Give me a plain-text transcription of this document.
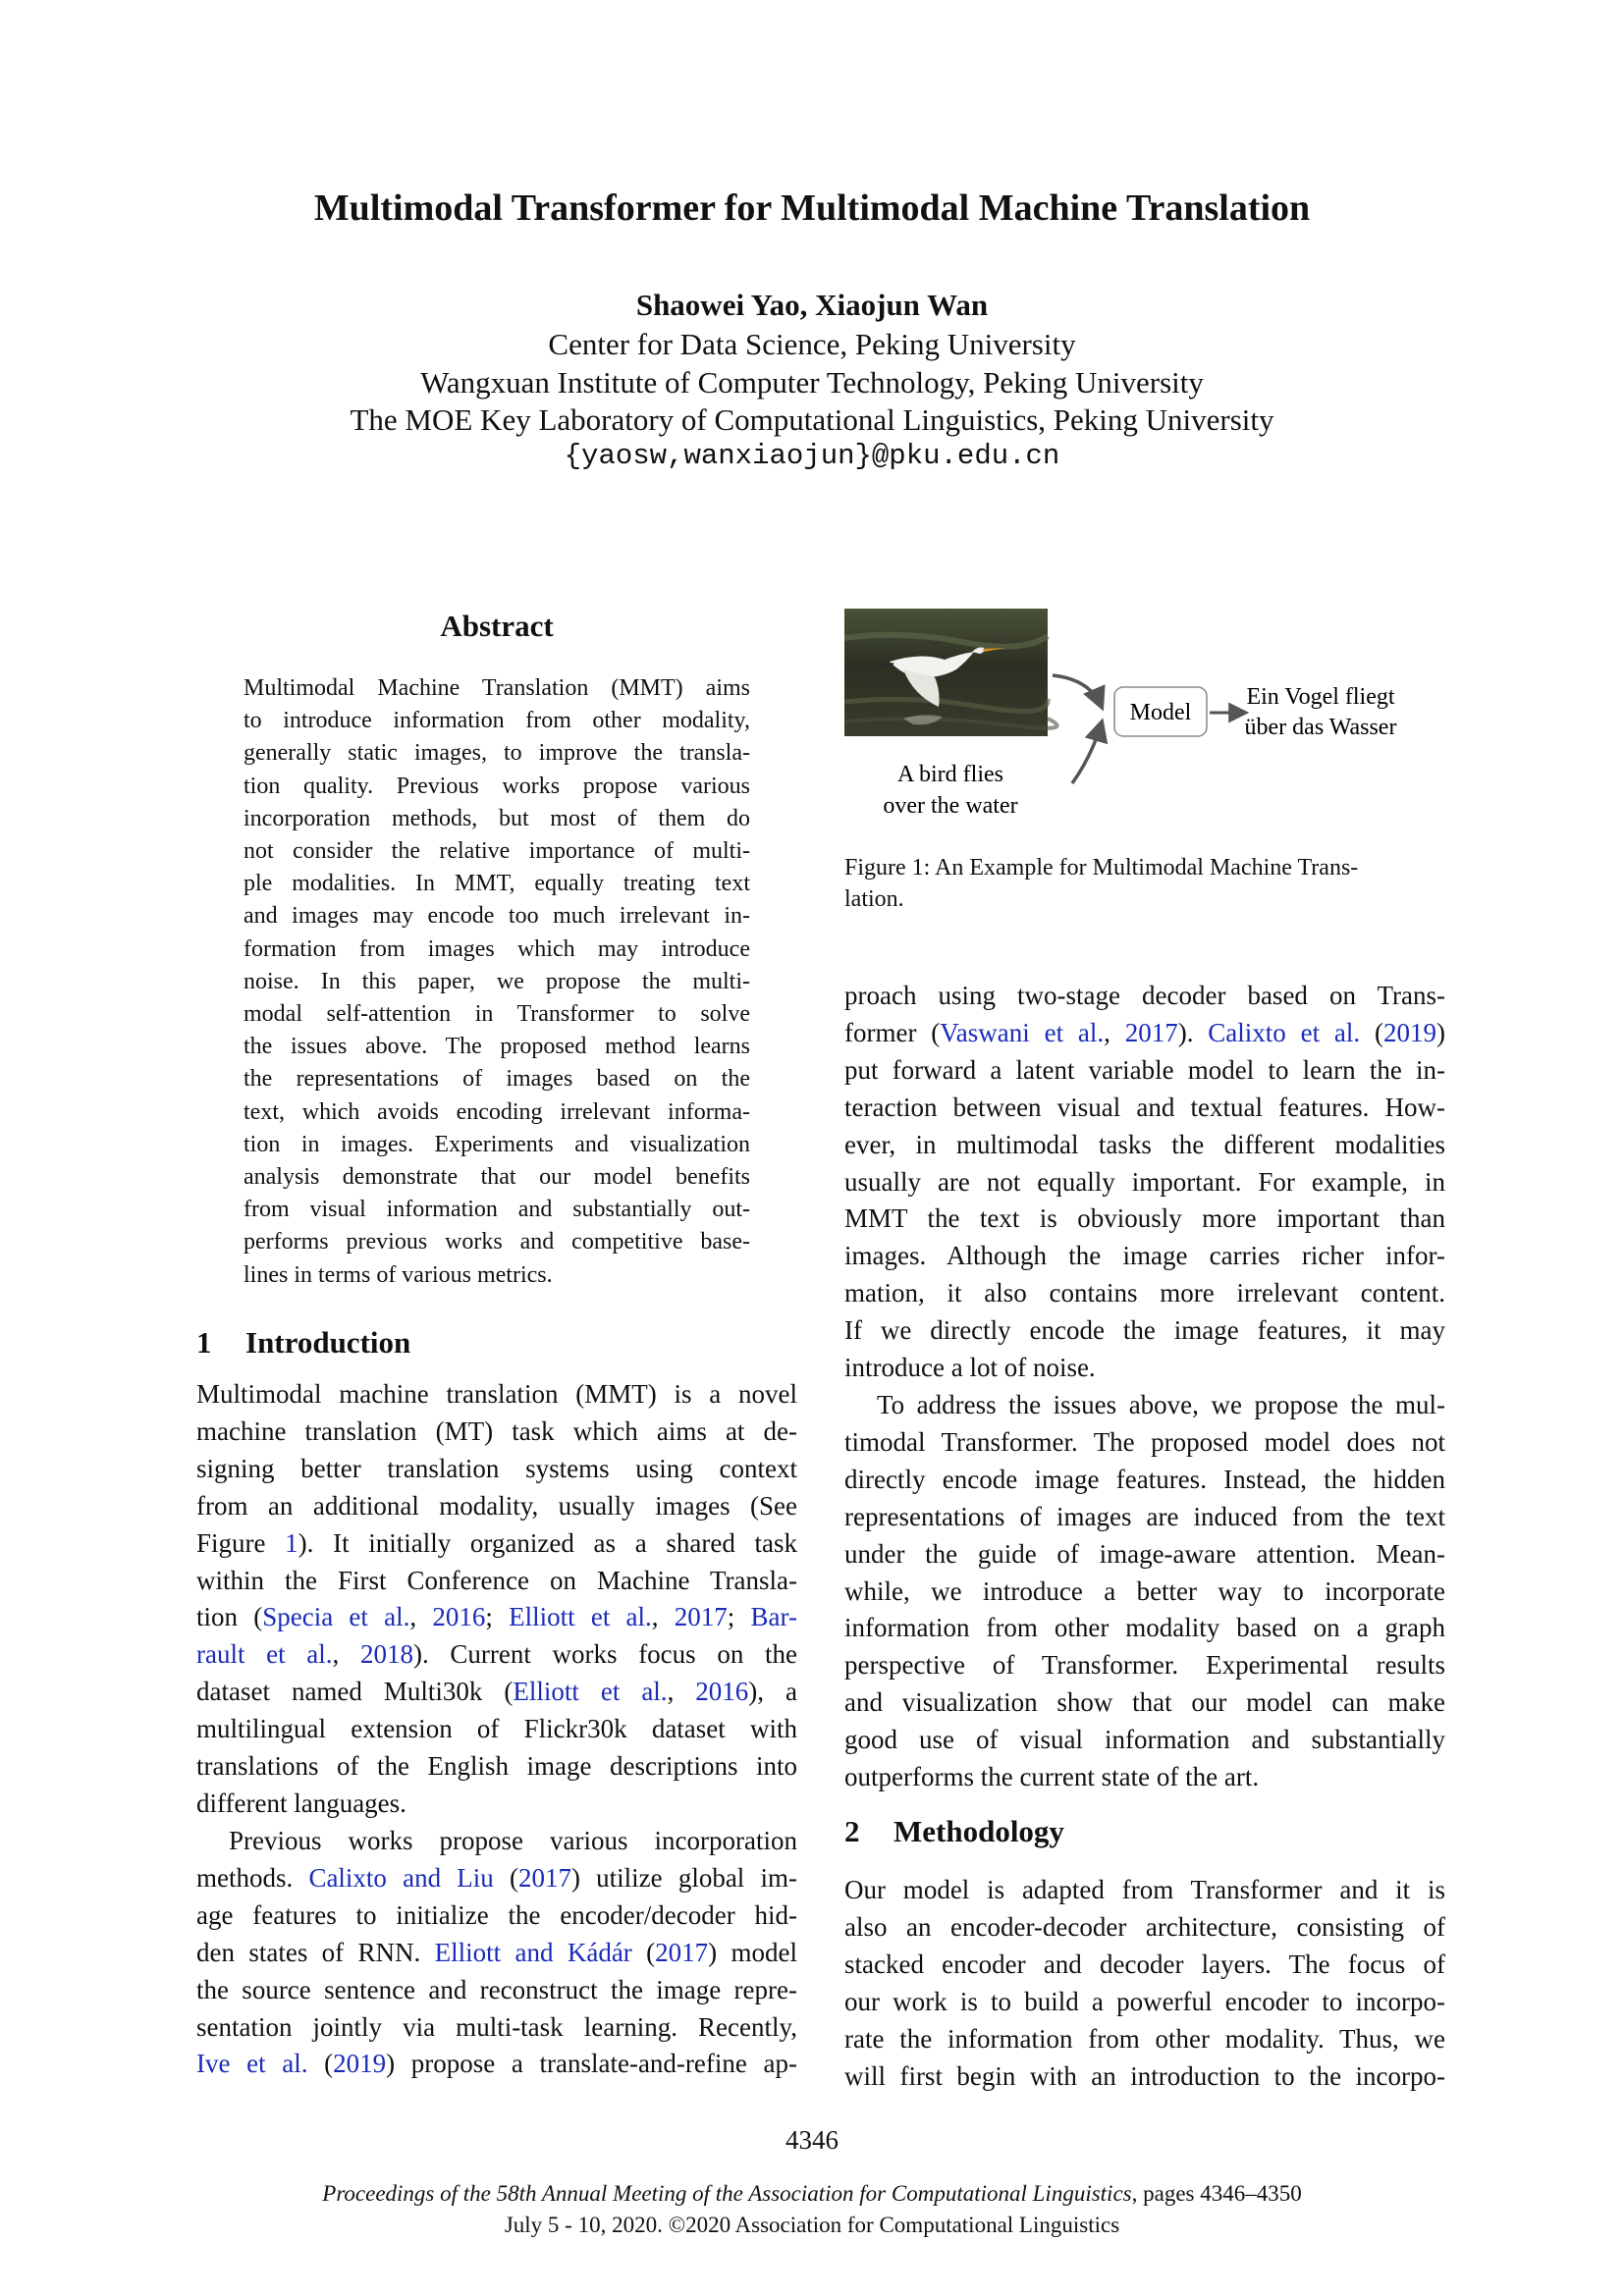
Multimodal Transformer for Multimodal Machine Translation
Shaowei Yao, Xiaojun Wan
Center for Data Science, Peking University
Wangxuan Institute of Computer Technology, Peking University
The MOE Key Laboratory of Computational Linguistics, Peking University
{yaosw,wanxiaojun}@pku.edu.cn
Abstract
Multimodal Machine Translation (MMT) aims
to introduce information from other modality,
generally static images, to improve the transla-
tion quality. Previous works propose various
incorporation methods, but most of them do
not consider the relative importance of multi-
ple modalities. In MMT, equally treating text
and images may encode too much irrelevant in-
formation from images which may introduce
noise. In this paper, we propose the multi-
modal self-attention in Transformer to solve
the issues above. The proposed method learns
the representations of images based on the
text, which avoids encoding irrelevant informa-
tion in images. Experiments and visualization
analysis demonstrate that our model benefits
from visual information and substantially out-
performs previous works and competitive base-
lines in terms of various metrics.
1 Introduction
Multimodal machine translation (MMT) is a novel
machine translation (MT) task which aims at de-
signing better translation systems using context
from an additional modality, usually images (See
Figure 1). It initially organized as a shared task
within the First Conference on Machine Transla-
tion (Specia et al., 2016; Elliott et al., 2017; Bar-
rault et al., 2018). Current works focus on the
dataset named Multi30k (Elliott et al., 2016), a
multilingual extension of Flickr30k dataset with
translations of the English image descriptions into
different languages.
Previous works propose various incorporation
methods. Calixto and Liu (2017) utilize global im-
age features to initialize the encoder/decoder hid-
den states of RNN. Elliott and Kádár (2017) model
the source sentence and reconstruct the image repre-
sentation jointly via multi-task learning. Recently,
Ive et al. (2019) propose a translate-and-refine ap-
Model
Ein Vogel fliegt
über das Wasser
A bird flies
over the water
Figure 1: An Example for Multimodal Machine Trans-
lation.
proach using two-stage decoder based on Trans-
former (Vaswani et al., 2017). Calixto et al. (2019)
put forward a latent variable model to learn the in-
teraction between visual and textual features. How-
ever, in multimodal tasks the different modalities
usually are not equally important. For example, in
MMT the text is obviously more important than
images. Although the image carries richer infor-
mation, it also contains more irrelevant content.
If we directly encode the image features, it may
introduce a lot of noise.
To address the issues above, we propose the mul-
timodal Transformer. The proposed model does not
directly encode image features. Instead, the hidden
representations of images are induced from the text
under the guide of image-aware attention. Mean-
while, we introduce a better way to incorporate
information from other modality based on a graph
perspective of Transformer. Experimental results
and visualization show that our model can make
good use of visual information and substantially
outperforms the current state of the art.
2 Methodology
Our model is adapted from Transformer and it is
also an encoder-decoder architecture, consisting of
stacked encoder and decoder layers. The focus of
our work is to build a powerful encoder to incorpo-
rate the information from other modality. Thus, we
will first begin with an introduction to the incorpo-
4346
Proceedings of the 58th Annual Meeting of the Association for Computational Linguistics, pages 4346–4350
July 5 - 10, 2020. ©2020 Association for Computational Linguistics
